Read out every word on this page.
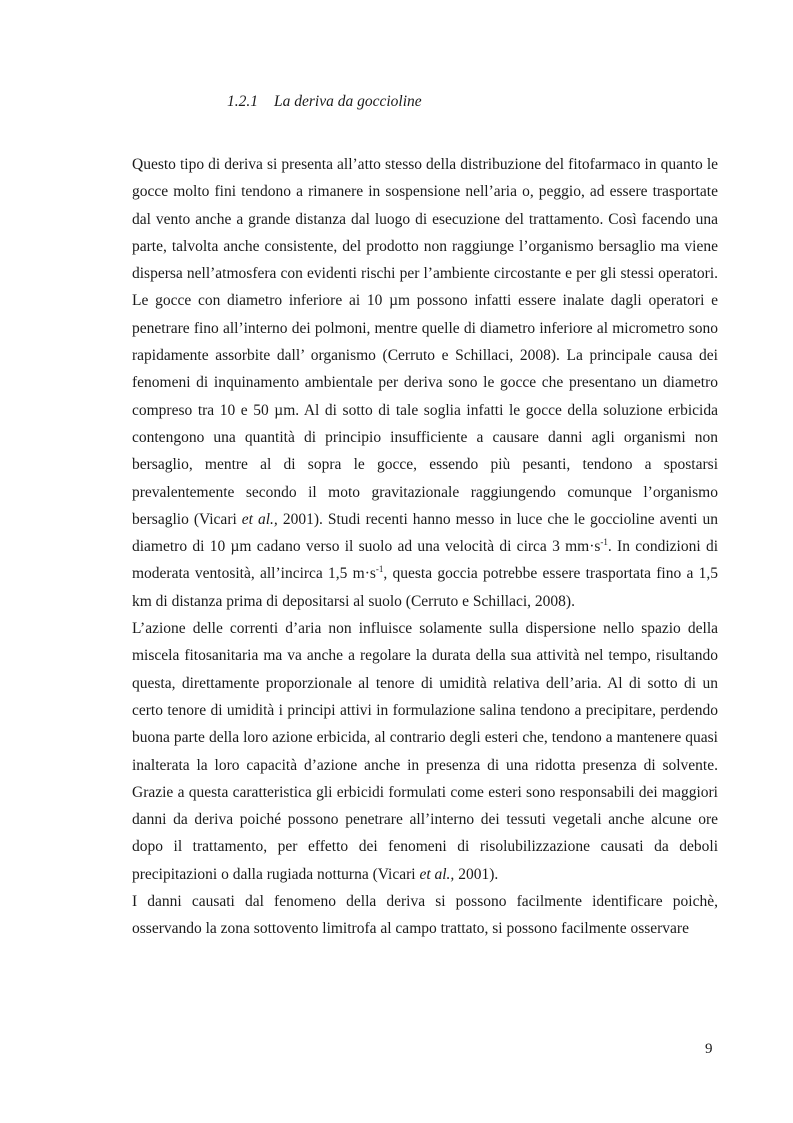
1.2.1 La deriva da goccioline

Questo tipo di deriva si presenta all’atto stesso della distribuzione del fitofarmaco in quanto le gocce molto fini tendono a rimanere in sospensione nell’aria o, peggio, ad essere trasportate dal vento anche a grande distanza dal luogo di esecuzione del trattamento. Così facendo una parte, talvolta anche consistente, del prodotto non raggiunge l’organismo bersaglio ma viene dispersa nell’atmosfera con evidenti rischi per l’ambiente circostante e per gli stessi operatori. Le gocce con diametro inferiore ai 10 µm possono infatti essere inalate dagli operatori e penetrare fino all’interno dei polmoni, mentre quelle di diametro inferiore al micrometro sono rapidamente assorbite dall’ organismo (Cerruto e Schillaci, 2008). La principale causa dei fenomeni di inquinamento ambientale per deriva sono le gocce che presentano un diametro compreso tra 10 e 50 µm. Al di sotto di tale soglia infatti le gocce della soluzione erbicida contengono una quantità di principio insufficiente a causare danni agli organismi non bersaglio, mentre al di sopra le gocce, essendo più pesanti, tendono a spostarsi prevalentemente secondo il moto gravitazionale raggiungendo comunque l’organismo bersaglio (Vicari et al., 2001). Studi recenti hanno messo in luce che le goccioline aventi un diametro di 10 µm cadano verso il suolo ad una velocità di circa 3 $mm\cdot s^{-1}$. In condizioni di moderata ventosità, all’incirca 1,5 $m\cdot s^{-1}$, questa goccia potrebbe essere trasportata fino a 1,5 km di distanza prima di depositarsi al suolo (Cerruto e Schillaci, 2008).

L’azione delle correnti d’aria non influisce solamente sulla dispersione nello spazio della miscela fitosanitaria ma va anche a regolare la durata della sua attività nel tempo, risultando questa, direttamente proporzionale al tenore di umidità relativa dell’aria. Al di sotto di un certo tenore di umidità i principi attivi in formulazione salina tendono a precipitare, perdendo buona parte della loro azione erbicida, al contrario degli esteri che, tendono a mantenere quasi inalterata la loro capacità d’azione anche in presenza di una ridotta presenza di solvente. Grazie a questa caratteristica gli erbicidi formulati come esteri sono responsabili dei maggiori danni da deriva poiché possono penetrare all’interno dei tessuti vegetali anche alcune ore dopo il trattamento, per effetto dei fenomeni di risolubilizzazione causati da deboli precipitazioni o dalla rugiada notturna (Vicari et al., 2001).

I danni causati dal fenomeno della deriva si possono facilmente identificare poichè, osservando la zona sottovento limitrofa al campo trattato, si possono facilmente osservare

9
